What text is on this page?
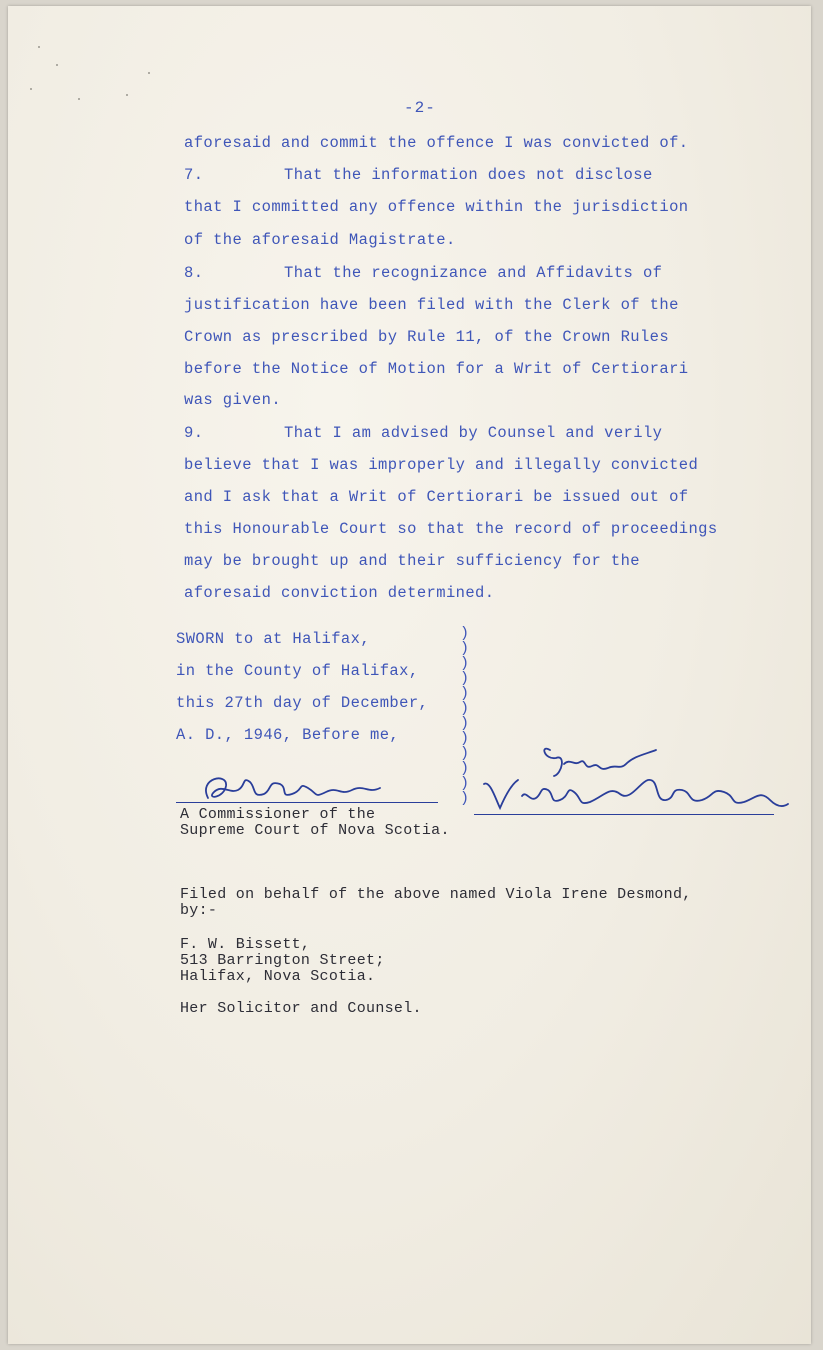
-2-
aforesaid and commit the offence I was convicted of.
7.	That the information does not disclose
that I committed any offence within the jurisdiction
of the aforesaid Magistrate.
8.	That the recognizance and Affidavits of
justification have been filed with the Clerk of the
Crown as prescribed by Rule 11, of the Crown Rules
before the Notice of Motion for a Writ of Certiorari
was given.
9.	That I am advised by Counsel and verily
believe that I was improperly and illegally convicted
and I ask that a Writ of Certiorari be issued out of
this Honourable Court so that the record of proceedings
may be brought up and their sufficiency for the
aforesaid conviction determined.
SWORN to at Halifax,
in the County of Halifax,
this 27th day of December,
A. D., 1946, Before me,
)
)
)
)
)
)
)
)
)
)
)
)
G.R. Ramsay
A Commissioner of the
Supreme Court of Nova Scotia.
Viola Irene Desmond
Filed on behalf of the above named Viola Irene Desmond,
by:-
F. W. Bissett,
513 Barrington Street;
Halifax, Nova Scotia.
Her Solicitor and Counsel.
